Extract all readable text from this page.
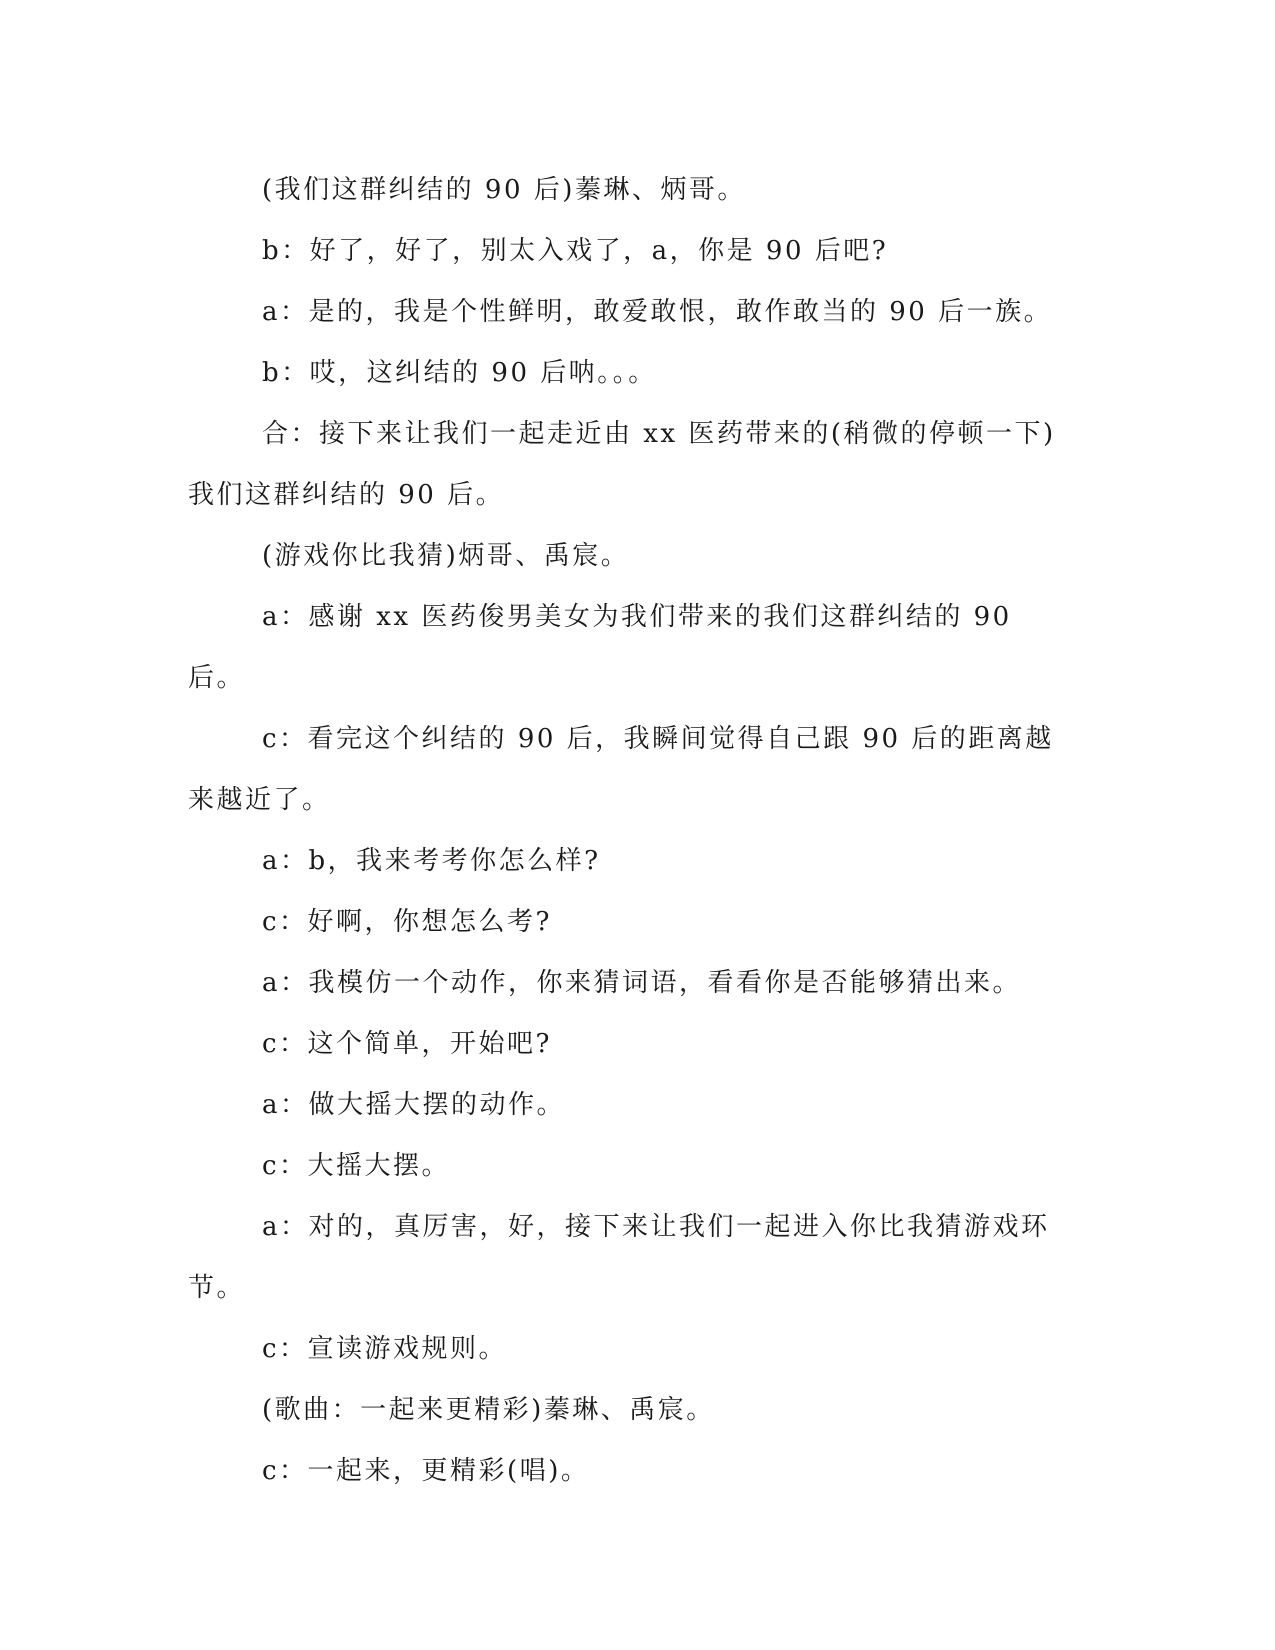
(我们这群纠结的 90 后)蓁琳、炳哥。

b：好了，好了，别太入戏了，a，你是 90 后吧?

a：是的，我是个性鲜明，敢爱敢恨，敢作敢当的 90 后一族。

b：哎，这纠结的 90 后呐。。。

合：接下来让我们一起走近由 xx 医药带来的(稍微的停顿一下)我们这群纠结的 90 后。

(游戏你比我猜)炳哥、禹宸。

a：感谢 xx 医药俊男美女为我们带来的我们这群纠结的 90 后。

c：看完这个纠结的 90 后，我瞬间觉得自己跟 90 后的距离越来越近了。

a：b，我来考考你怎么样?

c：好啊，你想怎么考?

a：我模仿一个动作，你来猜词语，看看你是否能够猜出来。

c：这个简单，开始吧?

a：做大摇大摆的动作。

c：大摇大摆。

a：对的，真厉害，好，接下来让我们一起进入你比我猜游戏环节。

c：宣读游戏规则。

(歌曲：一起来更精彩)蓁琳、禹宸。

c：一起来，更精彩(唱)。
